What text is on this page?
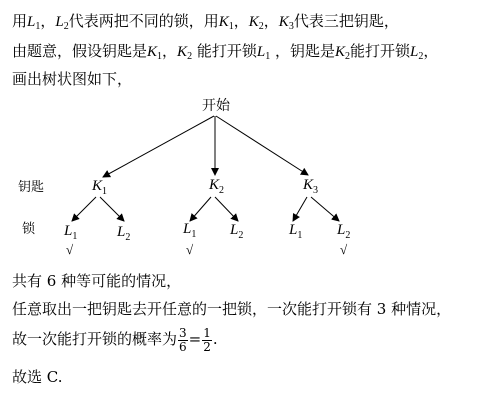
用$L_1$，$L_2$代表两把不同的锁，用$K_1$，$K_2$，$K_3$代表三把钥匙，
由题意，假设钥匙是$K_1$，$K_2$ 能打开锁$L_1$ ，钥匙是$K_2$能打开锁$L_2$，
画出树状图如下，
开始
钥匙	$K_1$	$K_2$	$K_3$
锁 $L_1$	$L_2$
$L_1$ $L_2$	$L_1$ $L_2$
√	√	√
共有 6 种等可能的情况，
任意取出一把钥匙去开任意的一把锁，一次能打开锁有 3 种情况，
故一次能打开锁的概率为 $\frac{3}{6} = \frac{1}{2}$ .
故选 C.
